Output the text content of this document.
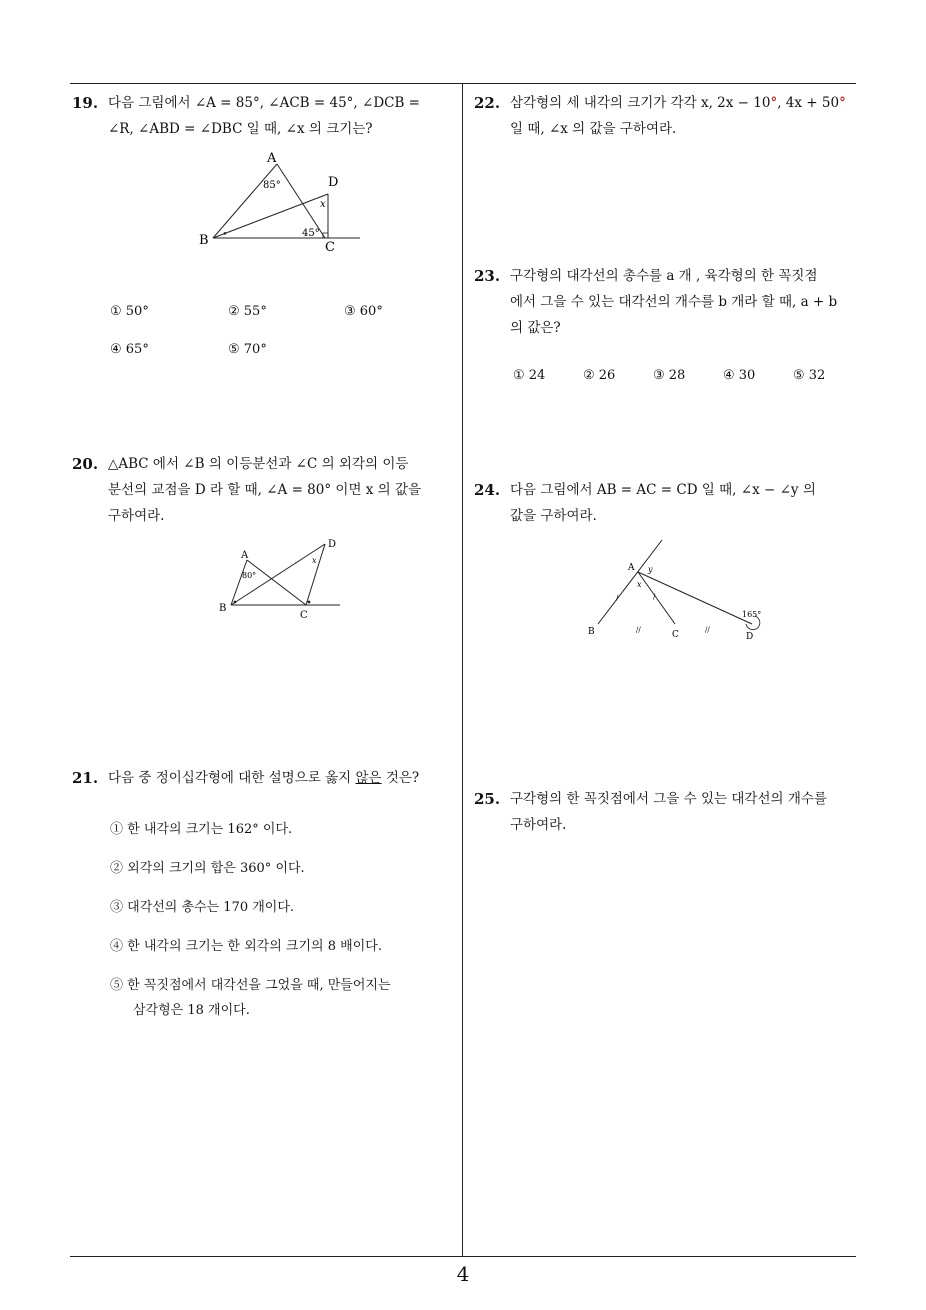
19. 다음 그림에서 ∠A = 85°, ∠ACB = 45°, ∠DCB =
∠R, ∠ABD = ∠DBC 일 때, ∠x 의 크기는?
A
B	C
D
85°
45°
x
°
① 50°	② 55°	③ 60°
④ 65°	⑤ 70°
20. △ABC 에서 ∠B 의 이등분선과 ∠C 의 외각의 이등
분선의 교점을 D 라 할 때, ∠A = 80° 이면 x 의 값을
구하여라.
A
B
C
D
80°
x
21. 다음 중 정이십각형에 대한 설명으로 옳지 않은 것은?
① 한 내각의 크기는 162° 이다.
② 외각의 크기의 합은 360° 이다.
③ 대각선의 총수는 170 개이다.
④ 한 내각의 크기는 한 외각의 크기의 8 배이다.
⑤ 한 꼭짓점에서 대각선을 그었을 때, 만들어지는
삼각형은 18 개이다.
22. 삼각형의 세 내각의 크기가 각각 x, 2x − 10°, 4x + 50°
일 때, ∠x 의 값을 구하여라.
23. 구각형의 대각선의 총수를 a 개 , 육각형의 한 꼭짓점
에서 그을 수 있는 대각선의 개수를 b 개라 할 때, a + b
의 값은?
① 24	② 26	③ 28	④ 30	⑤ 32
24. 다음 그림에서 AB = AC = CD 일 때, ∠x − ∠y 의
값을 구하여라.
A
B	C	D
x
y
165°
/	/
//	//
25. 구각형의 한 꼭짓점에서 그을 수 있는 대각선의 개수를
구하여라.
4
